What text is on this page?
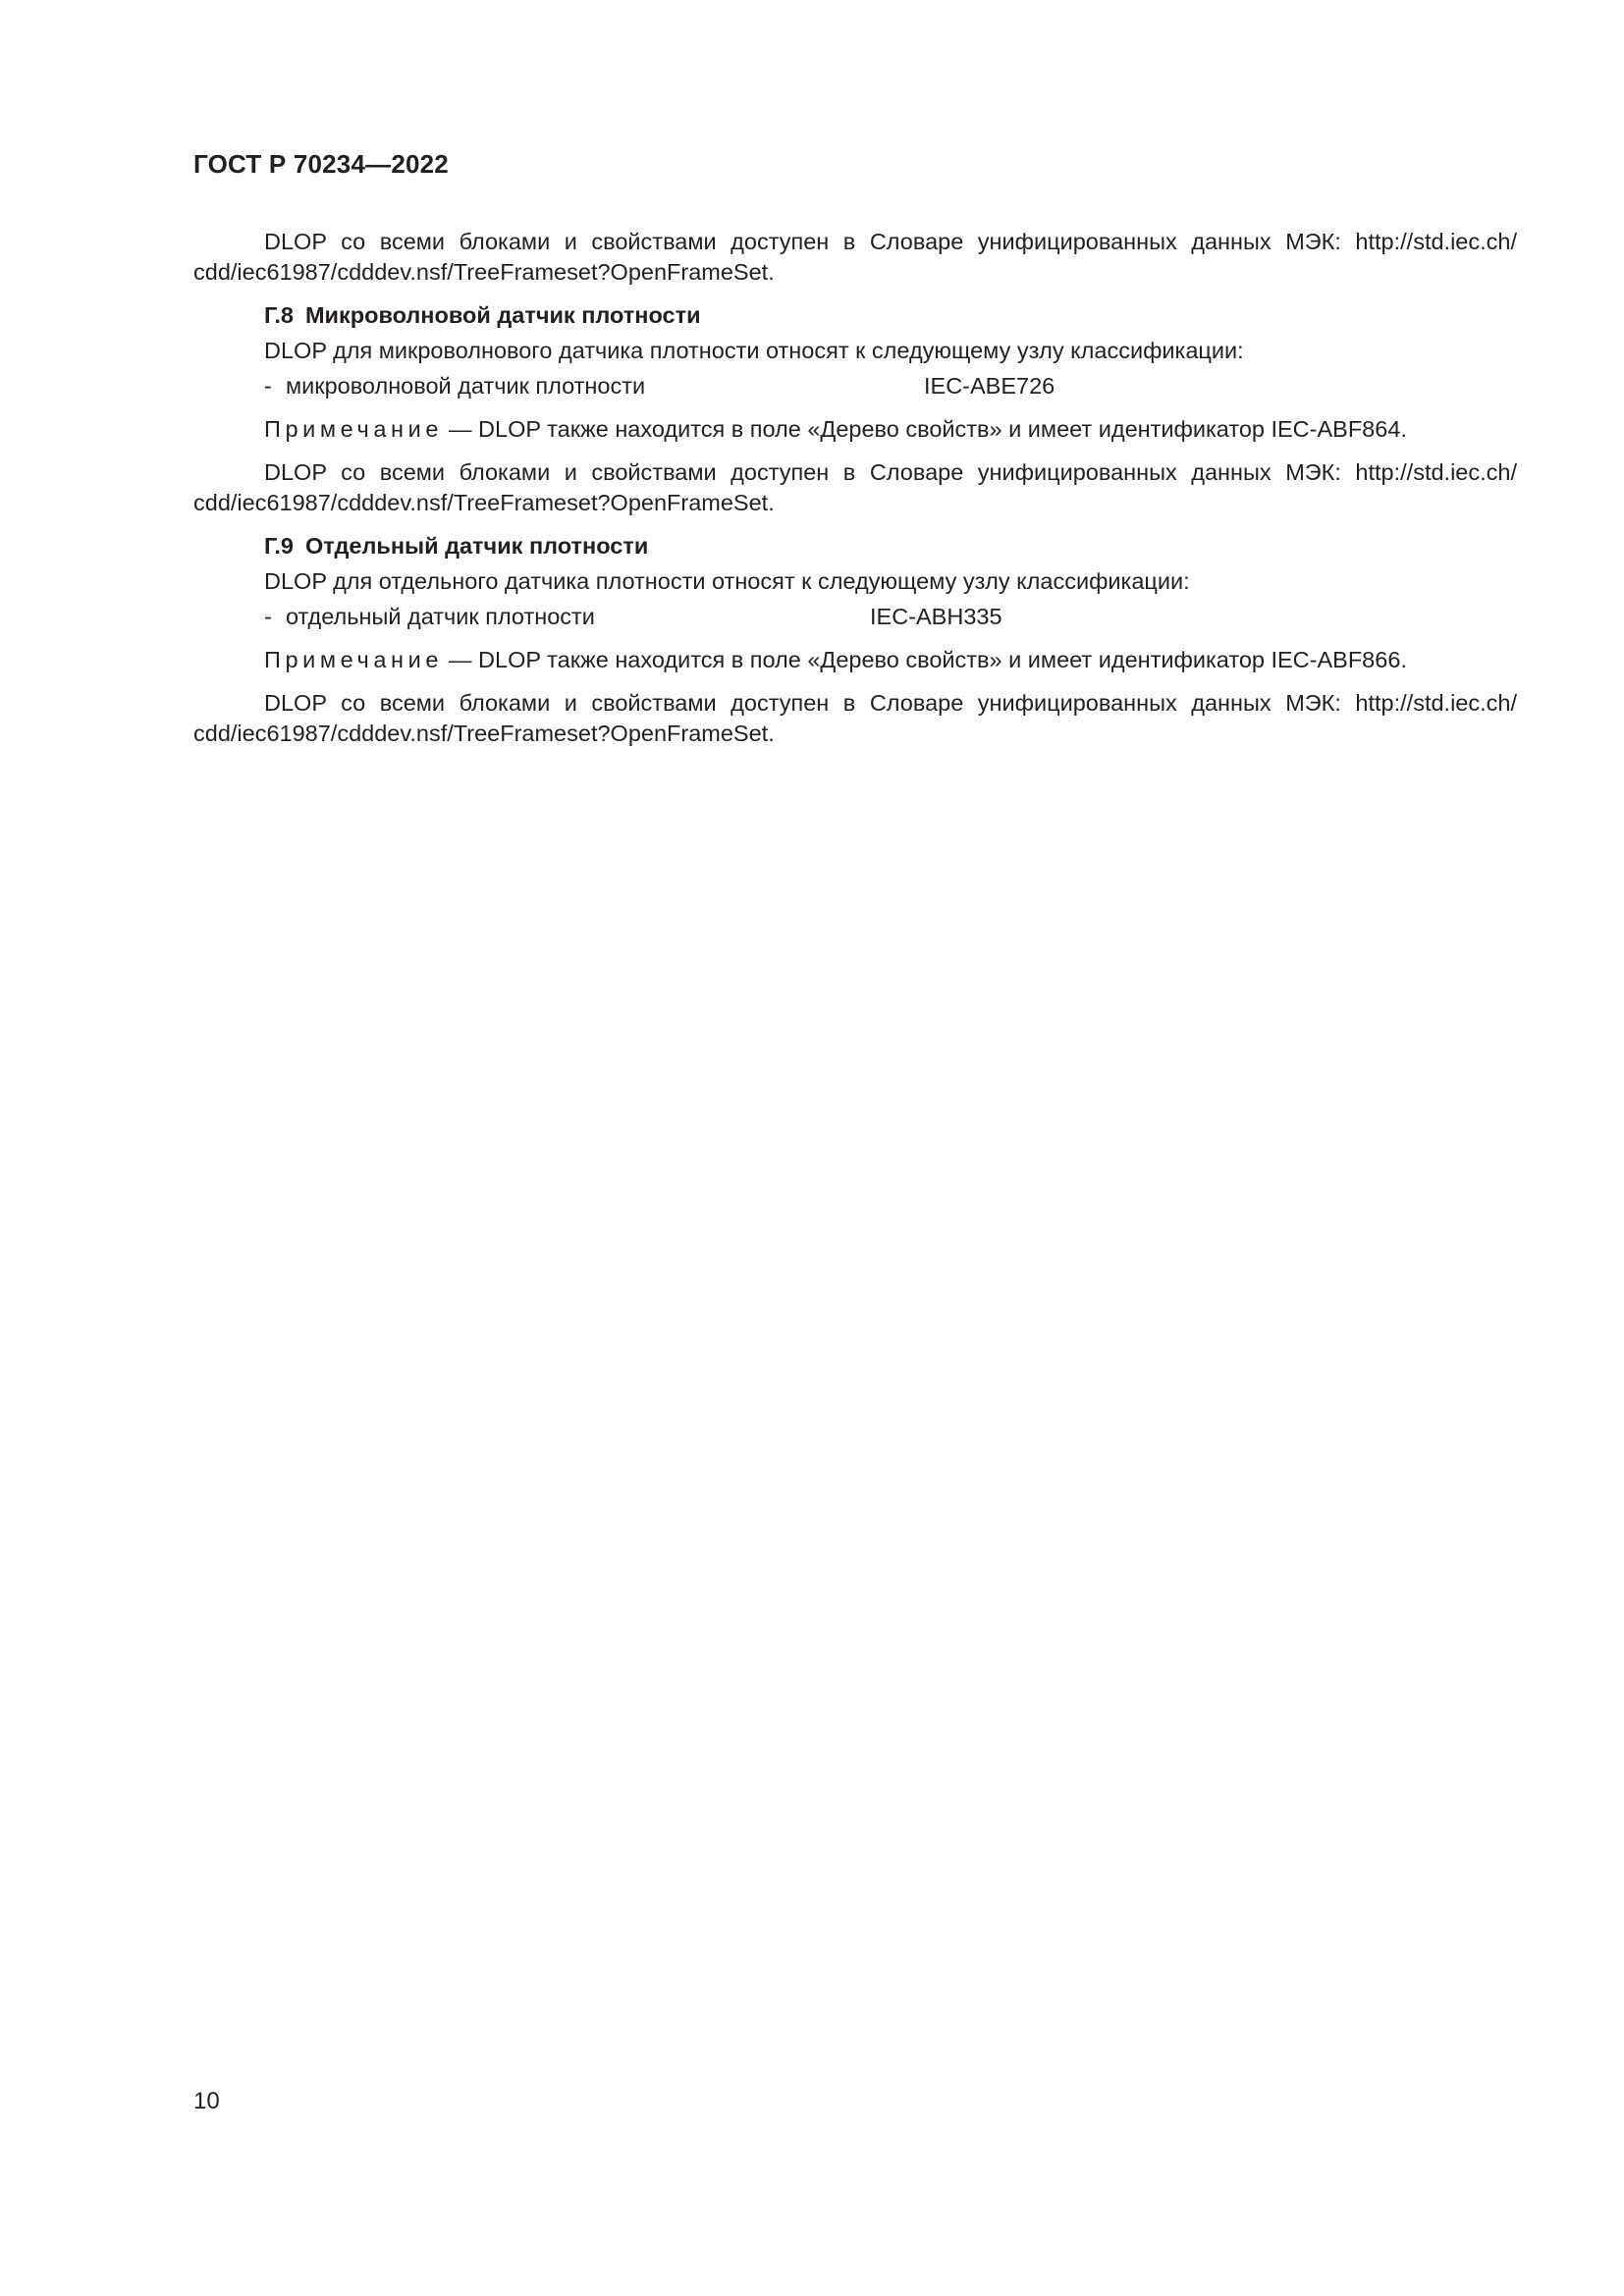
ГОСТ Р 70234—2022

DLOP со всеми блоками и свойствами доступен в Словаре унифицированных данных МЭК: http://std.iec.ch/
cdd/iec61987/cdddev.nsf/TreeFrameset?OpenFrameSet.

Г.8 Микроволновой датчик плотности
DLOP для микроволнового датчика плотности относят к следующему узлу классификации:
- микроволновой датчик плотности	IEC-ABE726
Примечание — DLOP также находится в поле «Дерево свойств» и имеет идентификатор IEC-ABF864.

DLOP со всеми блоками и свойствами доступен в Словаре унифицированных данных МЭК: http://std.iec.ch/
cdd/iec61987/cdddev.nsf/TreeFrameset?OpenFrameSet.

Г.9 Отдельный датчик плотности
DLOP для отдельного датчика плотности относят к следующему узлу классификации:
- отдельный датчик плотности	IEC-ABH335
Примечание — DLOP также находится в поле «Дерево свойств» и имеет идентификатор IEC-ABF866.

DLOP со всеми блоками и свойствами доступен в Словаре унифицированных данных МЭК: http://std.iec.ch/
cdd/iec61987/cdddev.nsf/TreeFrameset?OpenFrameSet.

10
